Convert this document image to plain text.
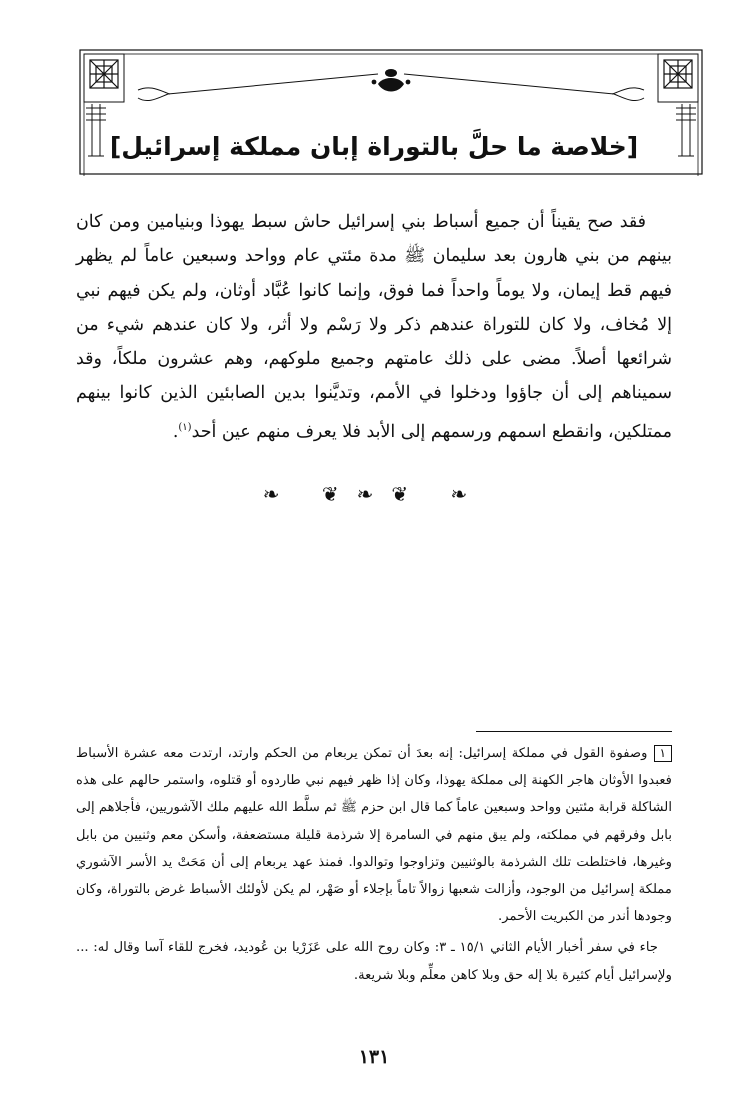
[خلاصة ما حلَّ بالتوراة إبان مملكة إسرائيل]

فقد صح يقيناً أن جميع أسباط بني إسرائيل حاش سبط يهوذا وبنيامين ومن كان بينهم من بني هارون بعد سليمان ﷺ مدة مئتي عام وواحد وسبعين عاماً لم يظهر فيهم قط إيمان، ولا يوماً واحداً فما فوق، وإنما كانوا عُبَّاد أوثان، ولم يكن فيهم نبي إلا مُخاف، ولا كان للتوراة عندهم ذكر ولا رَسْم ولا أثر، ولا كان عندهم شيء من شرائعها أصلاً. مضى على ذلك عامتهم وجميع ملوكهم، وهم عشرون ملكاً، وقد سميناهم إلى أن جاؤوا ودخلوا في الأمم، وتديَّنوا بدين الصابئين الذين كانوا بينهم ممتلكين، وانقطع اسمهم ورسمهم إلى الأبد فلا يعرف منهم عين أحد$^{(١)}$.

❧ ❦❧❦ ❧

١وصفوة القول في مملكة إسرائيل: إنه بعدَ أن تمكن يربعام من الحكم وارتد، ارتدت معه عشرة الأسباط فعبدوا الأوثان هاجر الكهنة إلى مملكة يهوذا، وكان إذا ظهر فيهم نبي طاردوه أو قتلوه، واستمر حالهم على هذه الشاكلة قرابة مئتين وواحد وسبعين عاماً كما قال ابن حزم ﷺ ثم سلَّط الله عليهم ملك الآشوريين، فأجلاهم إلى بابل وفرقهم في مملكته، ولم يبق منهم في السامرة إلا شرذمة قليلة مستضعفة، وأسكن معم وثنيين من بابل وغيرها، فاختلطت تلك الشرذمة بالوثنيين وتزاوجوا وتوالدوا. فمنذ عهد يربعام إلى أن مَحَتْ يد الأسر الآشوري مملكة إسرائيل من الوجود، وأزالت شعبها زوالاً تاماً بإجلاء أو صَهْر، لم يكن لأولئك الأسباط غرض بالتوراة، وكان وجودها أندر من الكبريت الأحمر.

جاء في سفر أخبار الأيام الثاني ١٥/١ ـ ٣: وكان روح الله على عَزَرْيا بن عُوديد، فخرج للقاء آسا وقال له: ... ولإسرائيل أيام كثيرة بلا إله حق وبلا كاهن معلِّم وبلا شريعة.

١٣١
